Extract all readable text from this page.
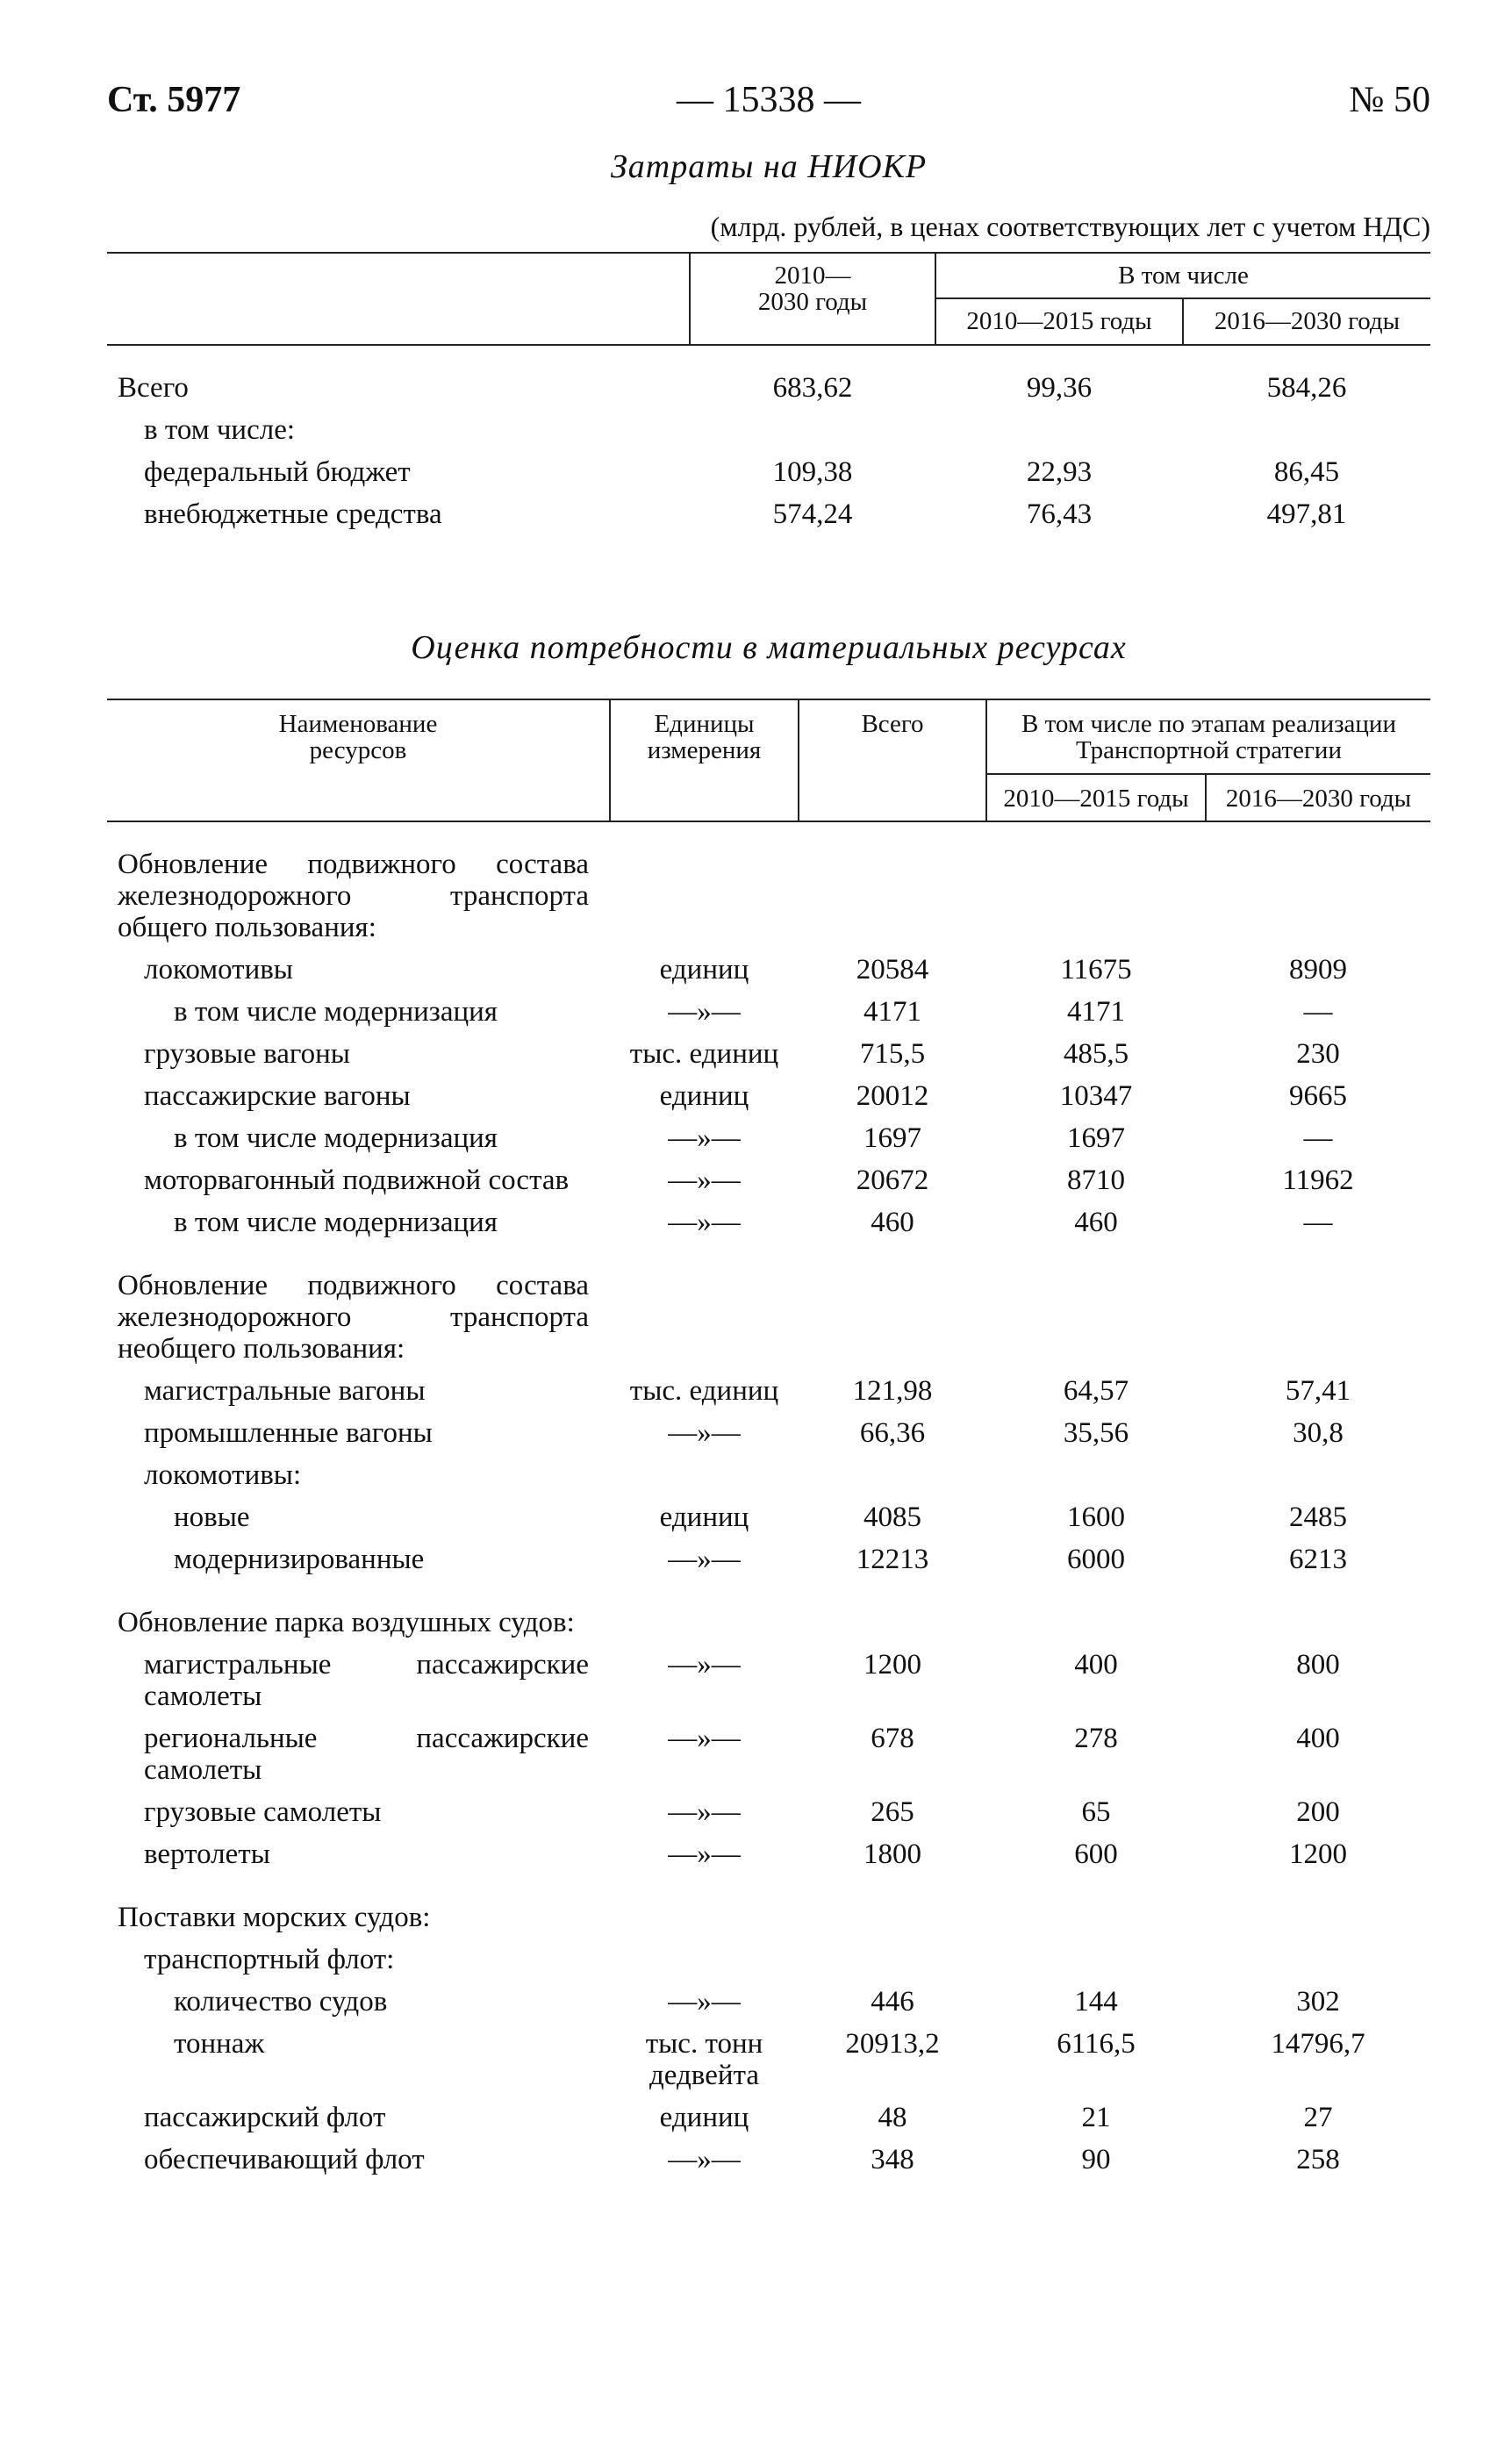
Ст. 5977	— 15338 —	№ 50
Затраты на НИОКР
(млрд. рублей, в ценах соответствующих лет с учетом НДС)
	2010—
2030 годы	В том числе	
		2010—2015 годы	2016—2030 годы

Всего	683,62	99,36	584,26
в том числе:			
федеральный бюджет	109,38	22,93	86,45
внебюджетные средства	574,24	76,43	497,81
Оценка потребности в материальных ресурсах
Наименование
ресурсов	Единицы
измерения	Всего	В том числе по этапам реализации
Транспортной стратегии	
			2010—2015 годы	2016—2030 годы
Обновление подвижного состава железнодорожного транспорта общего пользования:				
локомотивы	единиц	20584	11675	8909
в том числе модернизация	—»—	4171	4171	—
грузовые вагоны	тыс. единиц	715,5	485,5	230
пассажирские вагоны	единиц	20012	10347	9665
в том числе модернизация	—»—	1697	1697	—
моторвагонный подвижной состав	—»—	20672	8710	11962
в том числе модернизация	—»—	460	460	—
Обновление подвижного состава железнодорожного транспорта необщего пользования:				
магистральные вагоны	тыс. единиц	121,98	64,57	57,41
промышленные вагоны	—»—	66,36	35,56	30,8
локомотивы:				
новые	единиц	4085	1600	2485
модернизированные	—»—	12213	6000	6213
Обновление парка воздушных судов:				
магистральные пассажирские самолеты	—»—	1200	400	800
региональные пассажирские самолеты	—»—	678	278	400
грузовые самолеты	—»—	265	65	200
вертолеты	—»—	1800	600	1200
Поставки морских судов:				
транспортный флот:				
количество судов	—»—	446	144	302
тоннаж	тыс. тонн дедвейта	20913,2	6116,5	14796,7
пассажирский флот	единиц	48	21	27
обеспечивающий флот	—»—	348	90	258
